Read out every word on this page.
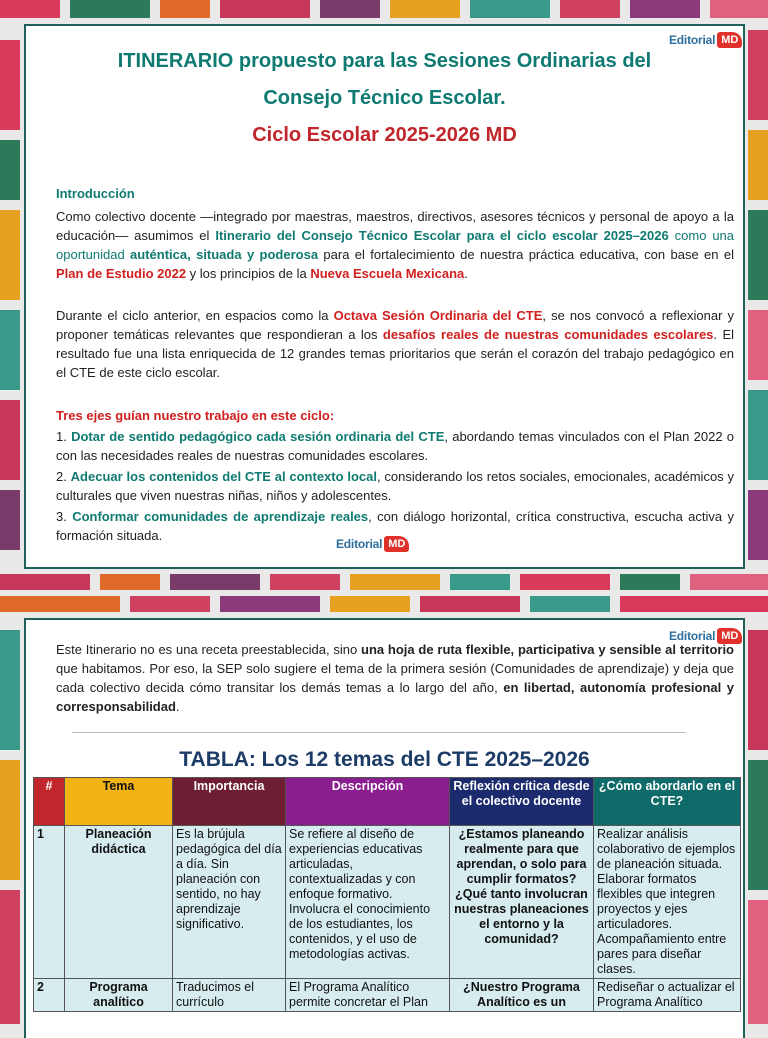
Editorial MD
ITINERARIO propuesto para las Sesiones Ordinarias del
Consejo Técnico Escolar.
Ciclo Escolar 2025-2026 MD
Introducción

Como colectivo docente —integrado por maestras, maestros, directivos, asesores técnicos y personal de apoyo a la educación— asumimos el Itinerario del Consejo Técnico Escolar para el ciclo escolar 2025–2026 como una oportunidad auténtica, situada y poderosa para el fortalecimiento de nuestra práctica educativa, con base en el Plan de Estudio 2022 y los principios de la Nueva Escuela Mexicana.

Durante el ciclo anterior, en espacios como la Octava Sesión Ordinaria del CTE, se nos convocó a reflexionar y proponer temáticas relevantes que respondieran a los desafíos reales de nuestras comunidades escolares. El resultado fue una lista enriquecida de 12 grandes temas prioritarios que serán el corazón del trabajo pedagógico en el CTE de este ciclo escolar.

Tres ejes guían nuestro trabajo en este ciclo:
1. Dotar de sentido pedagógico cada sesión ordinaria del CTE, abordando temas vinculados con el Plan 2022 o con las necesidades reales de nuestras comunidades escolares.
2. Adecuar los contenidos del CTE al contexto local, considerando los retos sociales, emocionales, académicos y culturales que viven nuestras niñas, niños y adolescentes.
3. Conformar comunidades de aprendizaje reales, con diálogo horizontal, crítica constructiva, escucha activa y formación situada.
Editorial MD
Editorial MD

Este Itinerario no es una receta preestablecida, sino una hoja de ruta flexible, participativa y sensible al territorio que habitamos. Por eso, la SEP solo sugiere el tema de la primera sesión (Comunidades de aprendizaje) y deja que cada colectivo decida cómo transitar los demás temas a lo largo del año, en libertad, autonomía profesional y corresponsabilidad.

TABLA: Los 12 temas del CTE 2025–2026
#	Tema	Importancia	Descripción	Reflexión crítica desde el colectivo docente	¿Cómo abordarlo en el CTE?
1	Planeación didáctica	Es la brújula pedagógica del día a día. Sin planeación con sentido, no hay aprendizaje significativo.	Se refiere al diseño de experiencias educativas articuladas, contextualizadas y con enfoque formativo. Involucra el conocimiento de los estudiantes, los contenidos, y el uso de metodologías activas.	¿Estamos planeando realmente para que aprendan, o solo para cumplir formatos? ¿Qué tanto involucran nuestras planeaciones el entorno y la comunidad?	Realizar análisis colaborativo de ejemplos de planeación situada. Elaborar formatos flexibles que integren proyectos y ejes articuladores. Acompañamiento entre pares para diseñar clases.
2	Programa analítico	Traducimos el currículo	El Programa Analítico permite concretar el Plan	¿Nuestro Programa Analítico es un	Rediseñar o actualizar el Programa Analítico
